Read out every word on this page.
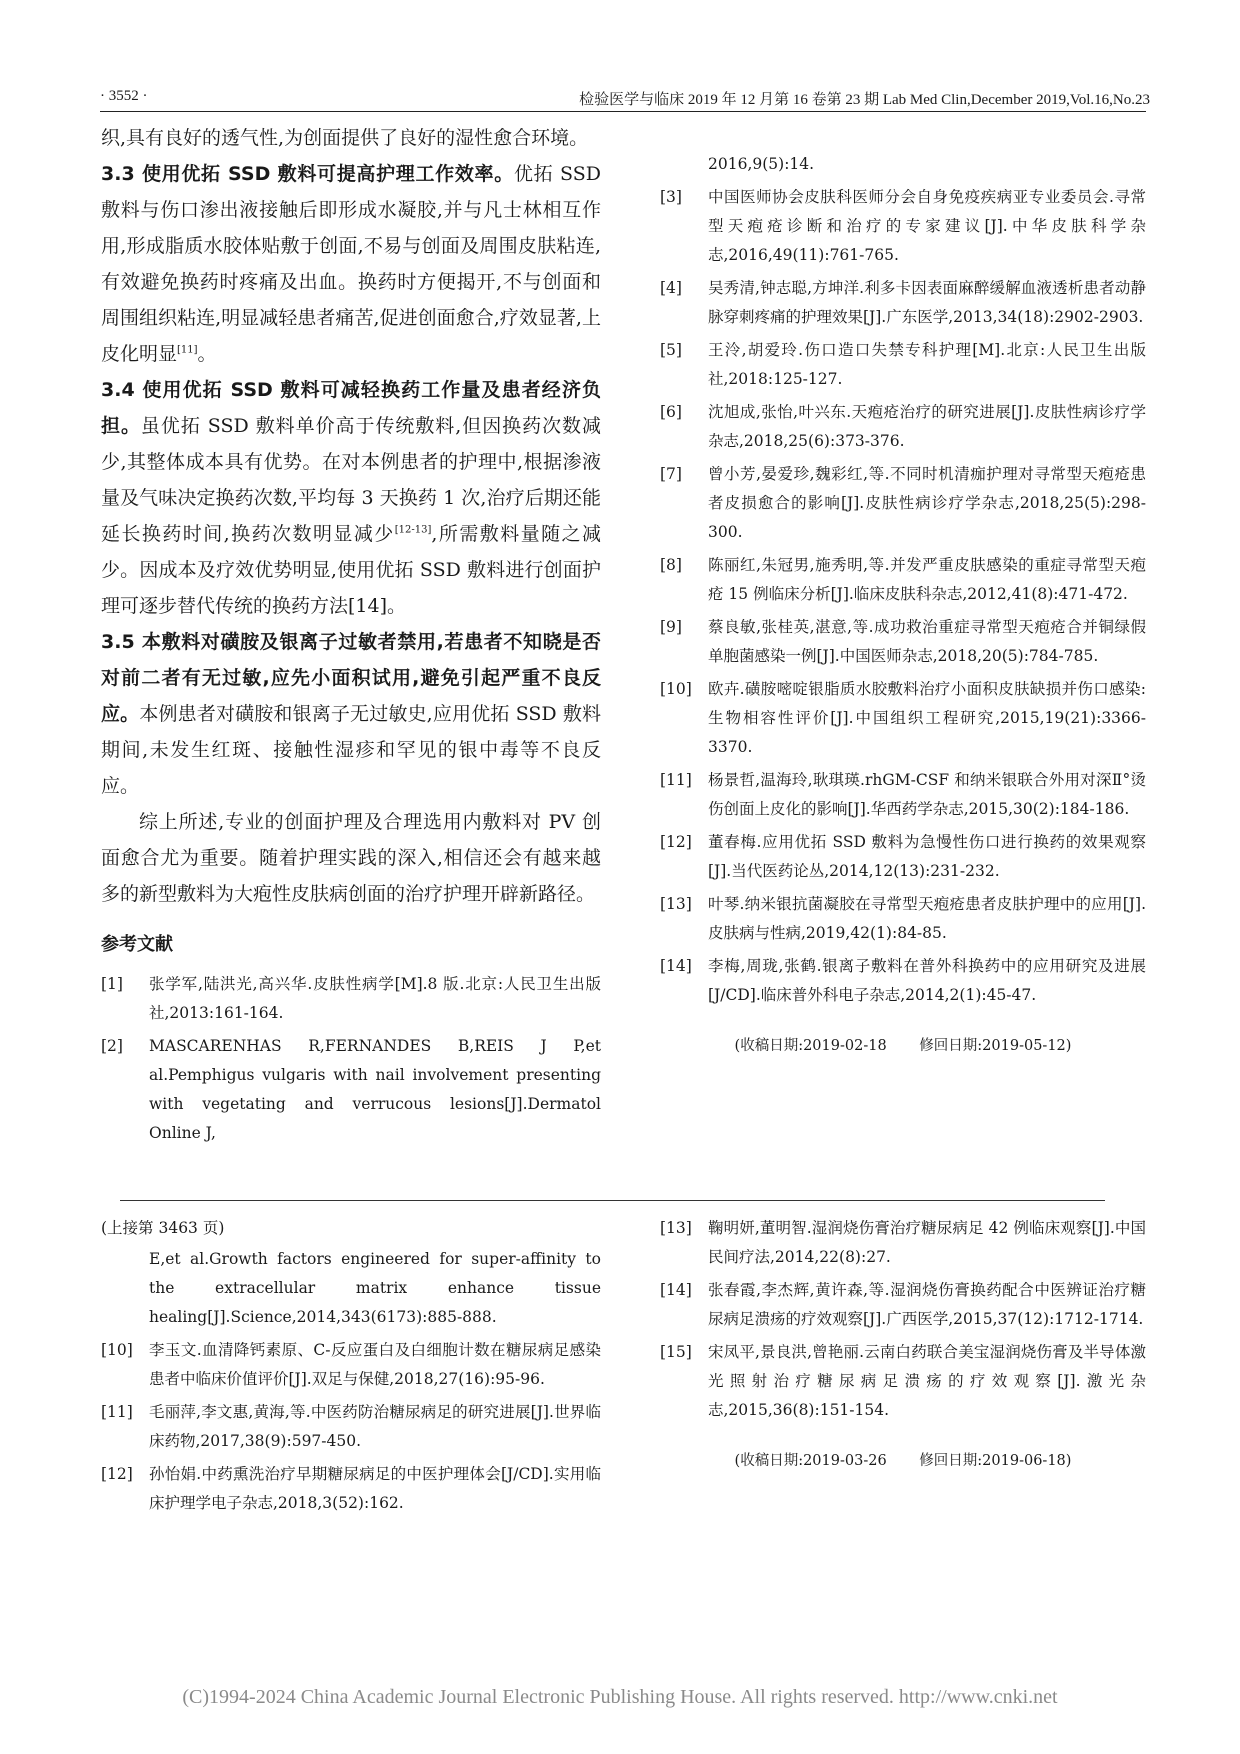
· 3552 ·	检验医学与临床 2019 年 12 月第 16 卷第 23 期 Lab Med Clin,December 2019,Vol.16,No.23

织,具有良好的透气性,为创面提供了良好的湿性愈合环境。

3.3 使用优拓 SSD 敷料可提高护理工作效率。优拓 SSD 敷料与伤口渗出液接触后即形成水凝胶,并与凡士林相互作用,形成脂质水胶体贴敷于创面,不易与创面及周围皮肤粘连,有效避免换药时疼痛及出血。换药时方便揭开,不与创面和周围组织粘连,明显减轻患者痛苦,促进创面愈合,疗效显著,上皮化明显[11]。

3.4 使用优拓 SSD 敷料可减轻换药工作量及患者经济负担。虽优拓 SSD 敷料单价高于传统敷料,但因换药次数减少,其整体成本具有优势。在对本例患者的护理中,根据渗液量及气味决定换药次数,平均每 3 天换药 1 次,治疗后期还能延长换药时间,换药次数明显减少[12-13],所需敷料量随之减少。因成本及疗效优势明显,使用优拓 SSD 敷料进行创面护理可逐步替代传统的换药方法[14]。

3.5 本敷料对磺胺及银离子过敏者禁用,若患者不知晓是否对前二者有无过敏,应先小面积试用,避免引起严重不良反应。本例患者对磺胺和银离子无过敏史,应用优拓 SSD 敷料期间,未发生红斑、接触性湿疹和罕见的银中毒等不良反应。

综上所述,专业的创面护理及合理选用内敷料对 PV 创面愈合尤为重要。随着护理实践的深入,相信还会有越来越多的新型敷料为大疱性皮肤病创面的治疗护理开辟新路径。

参考文献
[1]	张学军,陆洪光,高兴华.皮肤性病学[M].8 版.北京:人民卫生出版社,2013:161-164.
[2]	MASCARENHAS R,FERNANDES B,REIS J P,et al.Pemphigus vulgaris with nail involvement presenting with vegetating and verrucous lesions[J].Dermatol Online J,
2016,9(5):14.
[3]	中国医师协会皮肤科医师分会自身免疫疾病亚专业委员会.寻常型天疱疮诊断和治疗的专家建议[J].中华皮肤科学杂志,2016,49(11):761-765.
[4]	吴秀清,钟志聪,方坤洋.利多卡因表面麻醉缓解血液透析患者动静脉穿刺疼痛的护理效果[J].广东医学,2013,34(18):2902-2903.
[5]	王泠,胡爱玲.伤口造口失禁专科护理[M].北京:人民卫生出版社,2018:125-127.
[6]	沈旭成,张怡,叶兴东.天疱疮治疗的研究进展[J].皮肤性病诊疗学杂志,2018,25(6):373-376.
[7]	曾小芳,晏爱珍,魏彩红,等.不同时机清痂护理对寻常型天疱疮患者皮损愈合的影响[J].皮肤性病诊疗学杂志,2018,25(5):298-300.
[8]	陈丽红,朱冠男,施秀明,等.并发严重皮肤感染的重症寻常型天疱疮 15 例临床分析[J].临床皮肤科杂志,2012,41(8):471-472.
[9]	蔡良敏,张桂英,湛意,等.成功救治重症寻常型天疱疮合并铜绿假单胞菌感染一例[J].中国医师杂志,2018,20(5):784-785.
[10]	欧卉.磺胺嘧啶银脂质水胶敷料治疗小面积皮肤缺损并伤口感染:生物相容性评价[J].中国组织工程研究,2015,19(21):3366-3370.
[11]	杨景哲,温海玲,耿琪瑛.rhGM-CSF 和纳米银联合外用对深Ⅱ°烫伤创面上皮化的影响[J].华西药学杂志,2015,30(2):184-186.
[12]	董春梅.应用优拓 SSD 敷料为急慢性伤口进行换药的效果观察[J].当代医药论丛,2014,12(13):231-232.
[13]	叶琴.纳米银抗菌凝胶在寻常型天疱疮患者皮肤护理中的应用[J].皮肤病与性病,2019,42(1):84-85.
[14]	李梅,周珑,张鹤.银离子敷料在普外科换药中的应用研究及进展[J/CD].临床普外科电子杂志,2014,2(1):45-47.
(收稿日期:2019-02-18 修回日期:2019-05-12)
(上接第 3463 页)
E,et al.Growth factors engineered for super-affinity to the extracellular matrix enhance tissue healing[J].Science,2014,343(6173):885-888.
[10]	李玉文.血清降钙素原、C-反应蛋白及白细胞计数在糖尿病足感染患者中临床价值评价[J].双足与保健,2018,27(16):95-96.
[11]	毛丽萍,李文惠,黄海,等.中医药防治糖尿病足的研究进展[J].世界临床药物,2017,38(9):597-450.
[12]	孙怡娟.中药熏洗治疗早期糖尿病足的中医护理体会[J/CD].实用临床护理学电子杂志,2018,3(52):162.
[13]	鞠明妍,董明智.湿润烧伤膏治疗糖尿病足 42 例临床观察[J].中国民间疗法,2014,22(8):27.
[14]	张春霞,李杰辉,黄许森,等.湿润烧伤膏换药配合中医辨证治疗糖尿病足溃疡的疗效观察[J].广西医学,2015,37(12):1712-1714.
[15]	宋凤平,景良洪,曾艳丽.云南白药联合美宝湿润烧伤膏及半导体激光照射治疗糖尿病足溃疡的疗效观察[J].激光杂志,2015,36(8):151-154.
(收稿日期:2019-03-26 修回日期:2019-06-18)
(C)1994-2024 China Academic Journal Electronic Publishing House. All rights reserved. http://www.cnki.net
